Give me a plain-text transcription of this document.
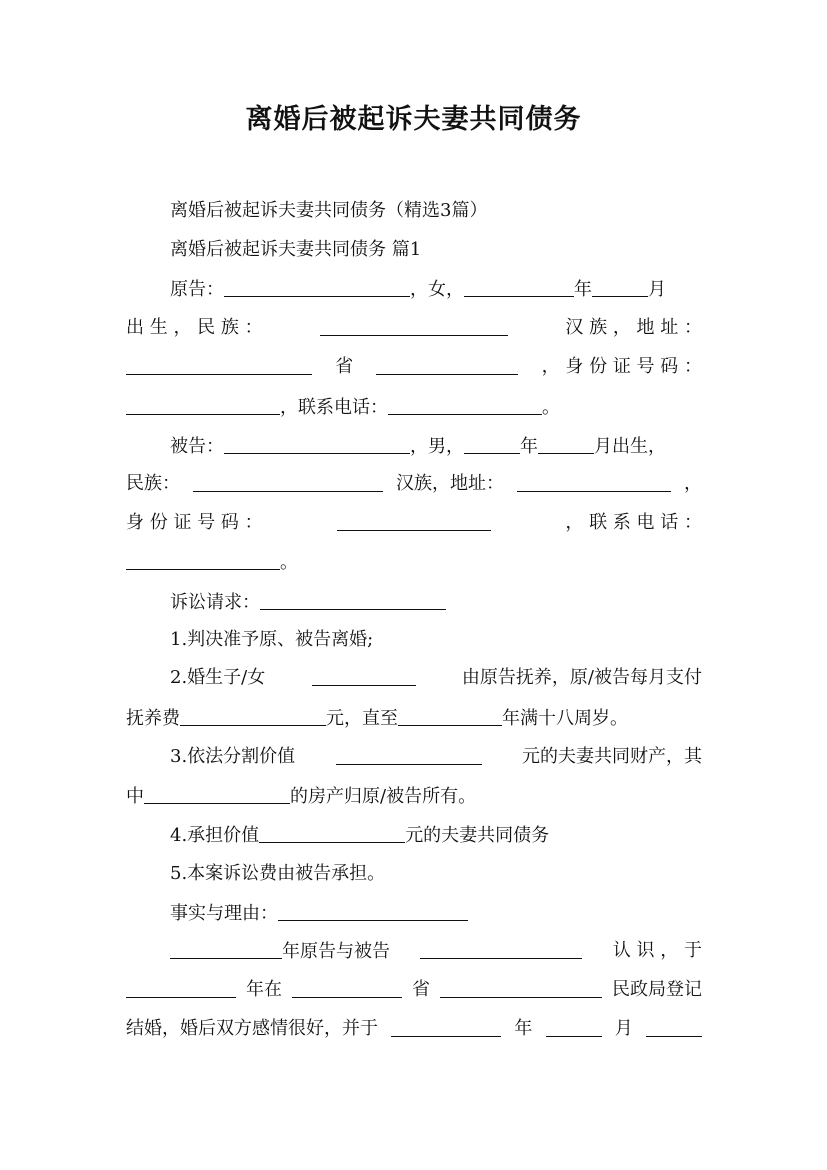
离婚后被起诉夫妻共同债务
离婚后被起诉夫妻共同债务（精选3篇）
离婚后被起诉夫妻共同债务 篇1
原告：	，女，	年	月
出 生 ， 民 族 ：	汉 族 ， 地 址 ：
省	， 身 份 证 号 码 ：
，联系电话：	。
被告：	，男，	年	月出生，
民族：	汉族，地址：	，
身 份 证 号 码 ：	， 联 系 电 话 ：
。
诉讼请求：
1.判决准予原、被告离婚;
2.婚生子/女	由原告抚养，原/被告每月支付
抚养费	元，直至	年满十八周岁。
3.依法分割价值	元的夫妻共同财产，其
中	的房产归原/被告所有。
4.承担价值	元的夫妻共同债务
5.本案诉讼费由被告承担。
事实与理由：
年原告与被告	认 识 ， 于
年在	省	民政局登记
结婚，婚后双方感情很好，并于	年	月
